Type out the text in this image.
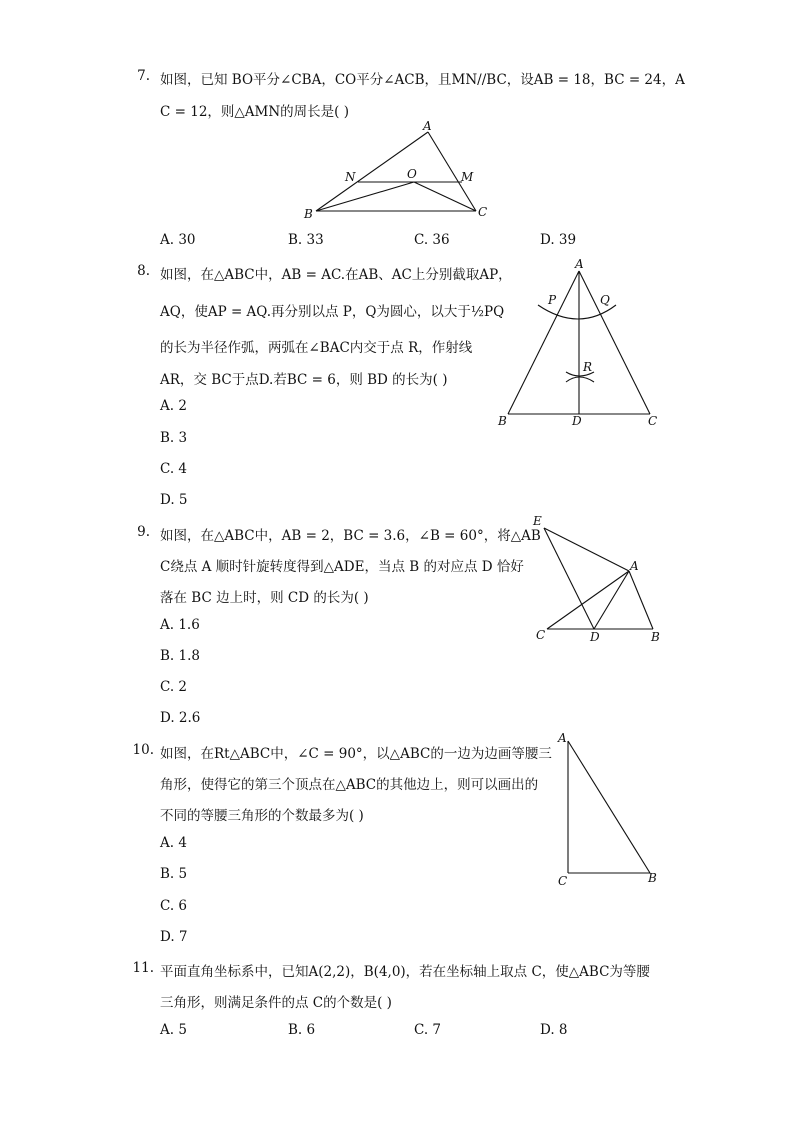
7. 如图，已知 BO平分∠CBA，CO平分∠ACB，且MN//BC，设AB = 18，BC = 24，A
C = 12，则△AMN的周长是( )
A
N	O	M
B	C
A. 30	B. 33	C. 36	D. 39
8. 如图，在△ABC中，AB = AC.在AB、AC上分别截取AP，
AQ，使AP = AQ.再分别以点 P，Q为圆心，以大于½PQ
的长为半径作弧，两弧在∠BAC内交于点 R，作射线
AR，交 BC于点D.若BC = 6，则 BD 的长为( )
A. 2
B. 3
C. 4
D. 5
A
P	Q
R
B	D	C
9. 如图，在△ABC中，AB = 2，BC = 3.6，∠B = 60°，将△AB
C绕点 A 顺时针旋转度得到△ADE，当点 B 的对应点 D 恰好
落在 BC 边上时，则 CD 的长为( )
A. 1.6
B. 1.8
C. 2
D. 2.6
E
A
C	D	B
10. 如图，在Rt△ABC中，∠C = 90°，以△ABC的一边为边画等腰三
角形，使得它的第三个顶点在△ABC的其他边上，则可以画出的
不同的等腰三角形的个数最多为( )
A. 4
B. 5
C. 6
D. 7
A
C	B
11. 平面直角坐标系中，已知A(2,2)，B(4,0)，若在坐标轴上取点 C，使△ABC为等腰
三角形，则满足条件的点 C的个数是( )
A. 5	B. 6	C. 7	D. 8
